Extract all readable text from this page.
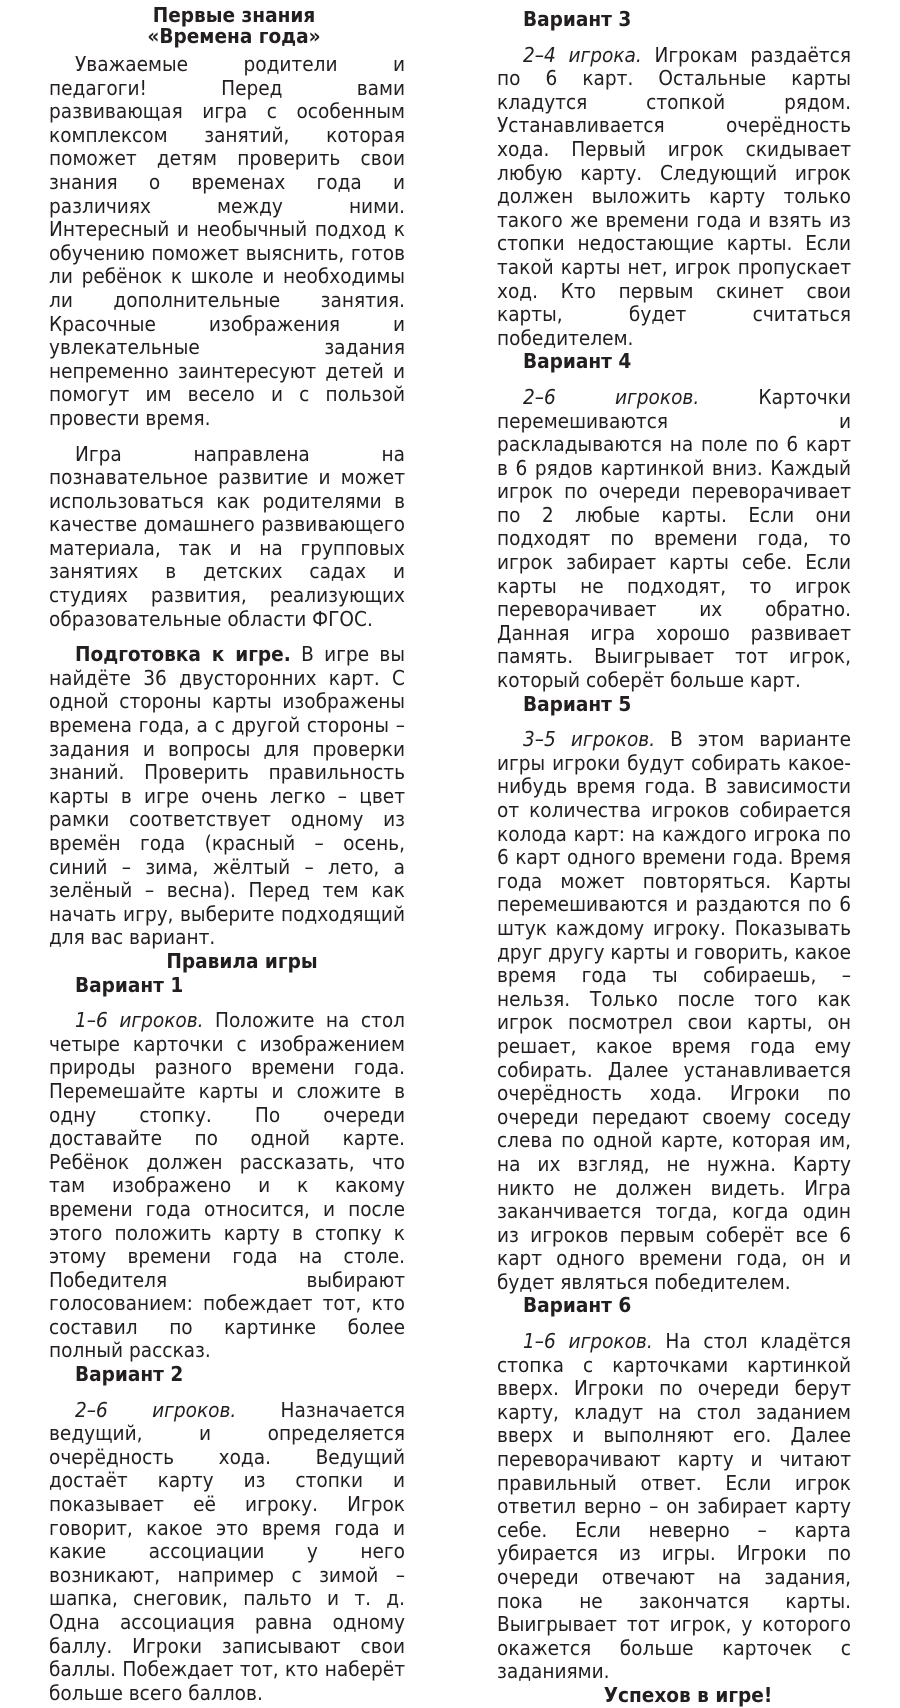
Первые знания
«Времена года»

Уважаемые родители и педагоги! Перед вами развивающая игра с особенным комплексом занятий, которая поможет детям проверить свои знания о временах года и различиях между ними. Интересный и необычный подход к обучению поможет выяснить, готов ли ребёнок к школе и необходимы ли дополнительные занятия. Красочные изображения и увлекательные задания непременно заинтересуют детей и помогут им весело и с пользой провести время.

Игра направлена на познавательное развитие и может использоваться как родителями в качестве домашнего развивающего материала, так и на групповых занятиях в детских садах и студиях развития, реализующих образовательные области ФГОС.

Подготовка к игре. В игре вы найдёте 36 двусторонних карт. С одной стороны карты изображены времена года, а с другой стороны – задания и вопросы для проверки знаний. Проверить правильность карты в игре очень легко – цвет рамки соответствует одному из времён года (красный – осень, синий – зима, жёлтый – лето, а зелёный – весна). Перед тем как начать игру, выберите подходящий для вас вариант.

Правила игры
Вариант 1

1–6 игроков. Положите на стол четыре карточки с изображением природы разного времени года. Перемешайте карты и сложите в одну стопку. По очереди доставайте по одной карте. Ребёнок должен рассказать, что там изображено и к какому времени года относится, и после этого положить карту в стопку к этому времени года на столе. Победителя выбирают голосованием: побеждает тот, кто составил по картинке более полный рассказ.

Вариант 2

2–6 игроков. Назначается ведущий, и определяется очерёдность хода. Ведущий достаёт карту из стопки и показывает её игроку. Игрок говорит, какое это время года и какие ассоциации у него возникают, например с зимой – шапка, снеговик, пальто и т. д. Одна ассоциация равна одному баллу. Игроки записывают свои баллы. Побеждает тот, кто наберёт больше всего баллов.

Вариант 3

2–4 игрока. Игрокам раздаётся по 6 карт. Остальные карты кладутся стопкой рядом. Устанавливается очерёдность хода. Первый игрок скидывает любую карту. Следующий игрок должен выложить карту только такого же времени года и взять из стопки недостающие карты. Если такой карты нет, игрок пропускает ход. Кто первым скинет свои карты, будет считаться победителем.

Вариант 4

2–6 игроков. Карточки перемешиваются и раскладываются на поле по 6 карт в 6 рядов картинкой вниз. Каждый игрок по очереди переворачивает по 2 любые карты. Если они подходят по времени года, то игрок забирает карты себе. Если карты не подходят, то игрок переворачивает их обратно. Данная игра хорошо развивает память. Выигрывает тот игрок, который соберёт больше карт.

Вариант 5

3–5 игроков. В этом варианте игры игроки будут собирать какое-нибудь время года. В зависимости от количества игроков собирается колода карт: на каждого игрока по 6 карт одного времени года. Время года может повторяться. Карты перемешиваются и раздаются по 6 штук каждому игроку. Показывать друг другу карты и говорить, какое время года ты собираешь, – нельзя. Только после того как игрок посмотрел свои карты, он решает, какое время года ему собирать. Далее устанавливается очерёдность хода. Игроки по очереди передают своему соседу слева по одной карте, которая им, на их взгляд, не нужна. Карту никто не должен видеть. Игра заканчивается тогда, когда один из игроков первым соберёт все 6 карт одного времени года, он и будет являться победителем.

Вариант 6

1–6 игроков. На стол кладётся стопка с карточками картинкой вверх. Игроки по очереди берут карту, кладут на стол заданием вверх и выполняют его. Далее переворачивают карту и читают правильный ответ. Если игрок ответил верно – он забирает карту себе. Если неверно – карта убирается из игры. Игроки по очереди отвечают на задания, пока не закончатся карты. Выигрывает тот игрок, у которого окажется больше карточек с заданиями.

Успехов в игре!
